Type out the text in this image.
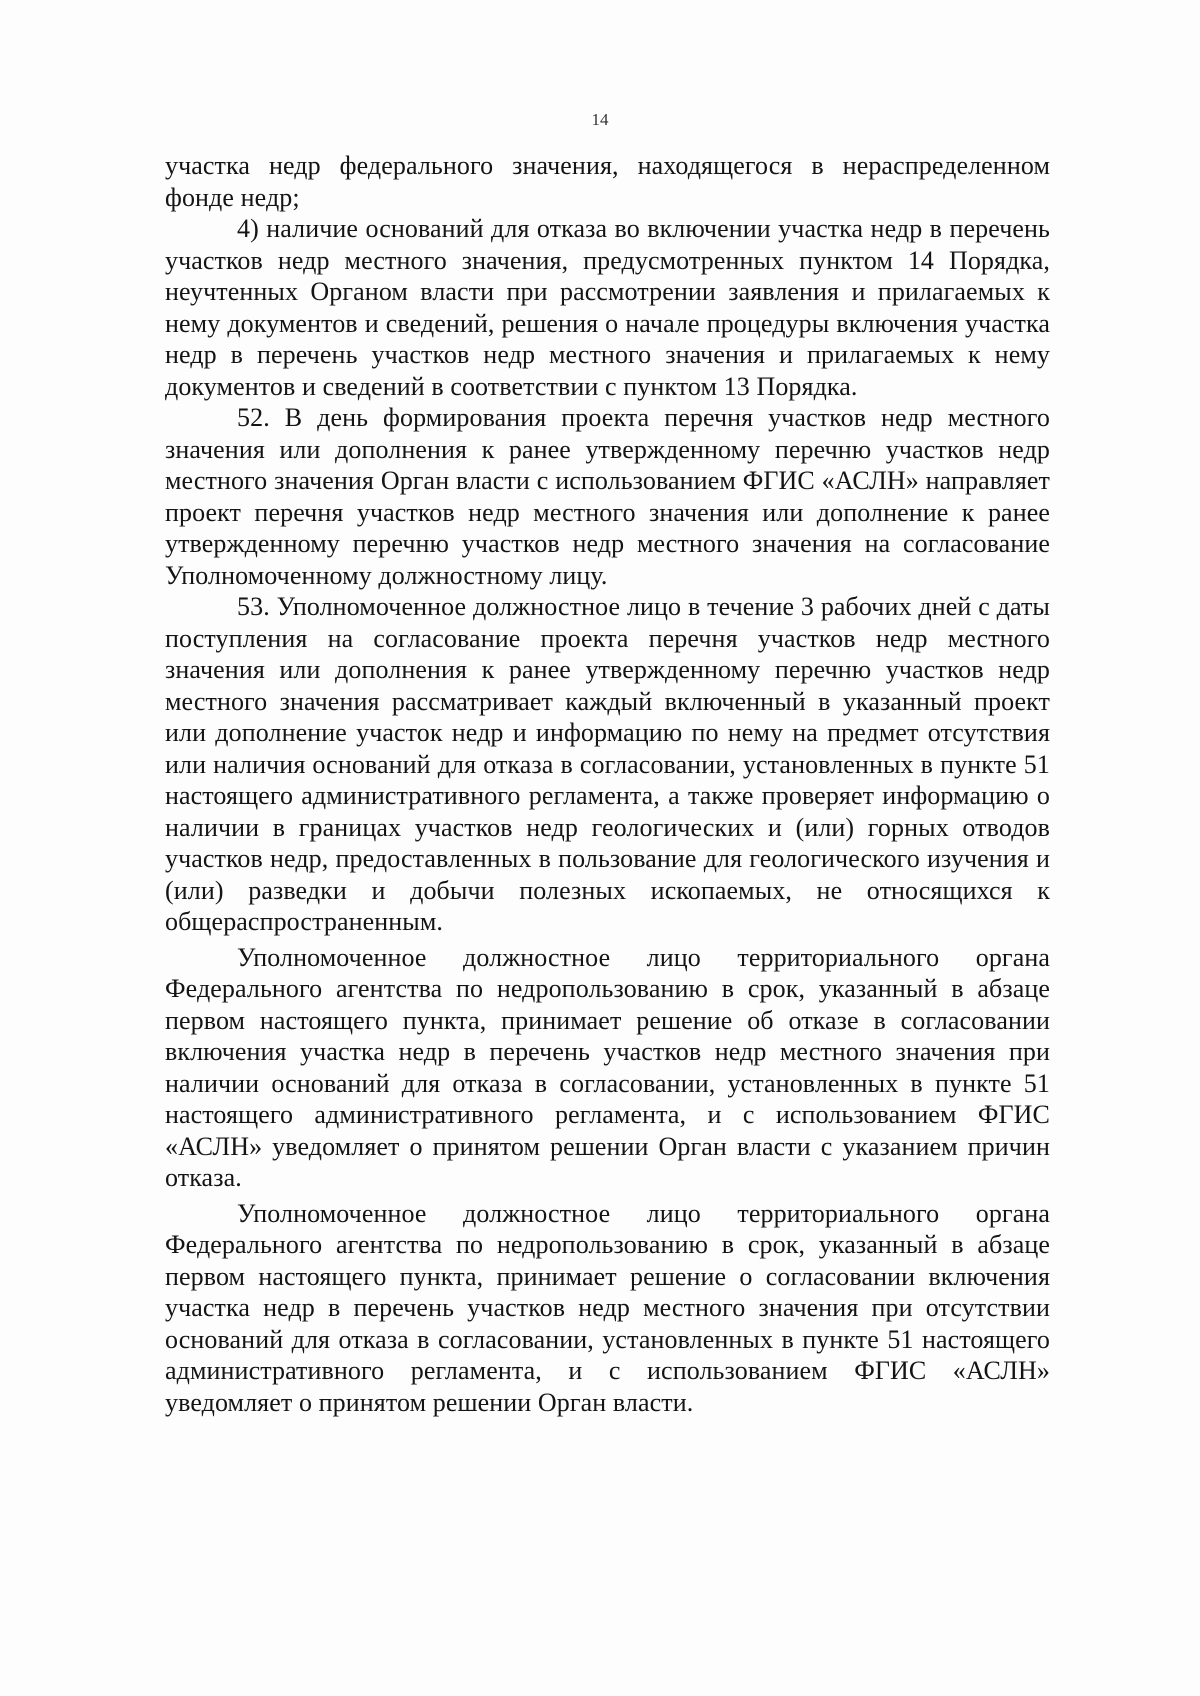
14

участка недр федерального значения, находящегося в нераспределенном фонде недр;

4) наличие оснований для отказа во включении участка недр в перечень участков недр местного значения, предусмотренных пунктом 14 Порядка, неучтенных Органом власти при рассмотрении заявления и прилагаемых к нему документов и сведений, решения о начале процедуры включения участка недр в перечень участков недр местного значения и прилагаемых к нему документов и сведений в соответствии с пунктом 13 Порядка.

52. В день формирования проекта перечня участков недр местного значения или дополнения к ранее утвержденному перечню участков недр местного значения Орган власти с использованием ФГИС «АСЛН» направляет проект перечня участков недр местного значения или дополнение к ранее утвержденному перечню участков недр местного значения на согласование Уполномоченному должностному лицу.

53. Уполномоченное должностное лицо в течение 3 рабочих дней с даты поступления на согласование проекта перечня участков недр местного значения или дополнения к ранее утвержденному перечню участков недр местного значения рассматривает каждый включенный в указанный проект или дополнение участок недр и информацию по нему на предмет отсутствия или наличия оснований для отказа в согласовании, установленных в пункте 51 настоящего административного регламента, а также проверяет информацию о наличии в границах участков недр геологических и (или) горных отводов участков недр, предоставленных в пользование для геологического изучения и (или) разведки и добычи полезных ископаемых, не относящихся к общераспространенным.

Уполномоченное должностное лицо территориального органа Федерального агентства по недропользованию в срок, указанный в абзаце первом настоящего пункта, принимает решение об отказе в согласовании включения участка недр в перечень участков недр местного значения при наличии оснований для отказа в согласовании, установленных в пункте 51 настоящего административного регламента, и с использованием ФГИС «АСЛН» уведомляет о принятом решении Орган власти с указанием причин отказа.

Уполномоченное должностное лицо территориального органа Федерального агентства по недропользованию в срок, указанный в абзаце первом настоящего пункта, принимает решение о согласовании включения участка недр в перечень участков недр местного значения при отсутствии оснований для отказа в согласовании, установленных в пункте 51 настоящего административного регламента, и с использованием ФГИС «АСЛН» уведомляет о принятом решении Орган власти.
